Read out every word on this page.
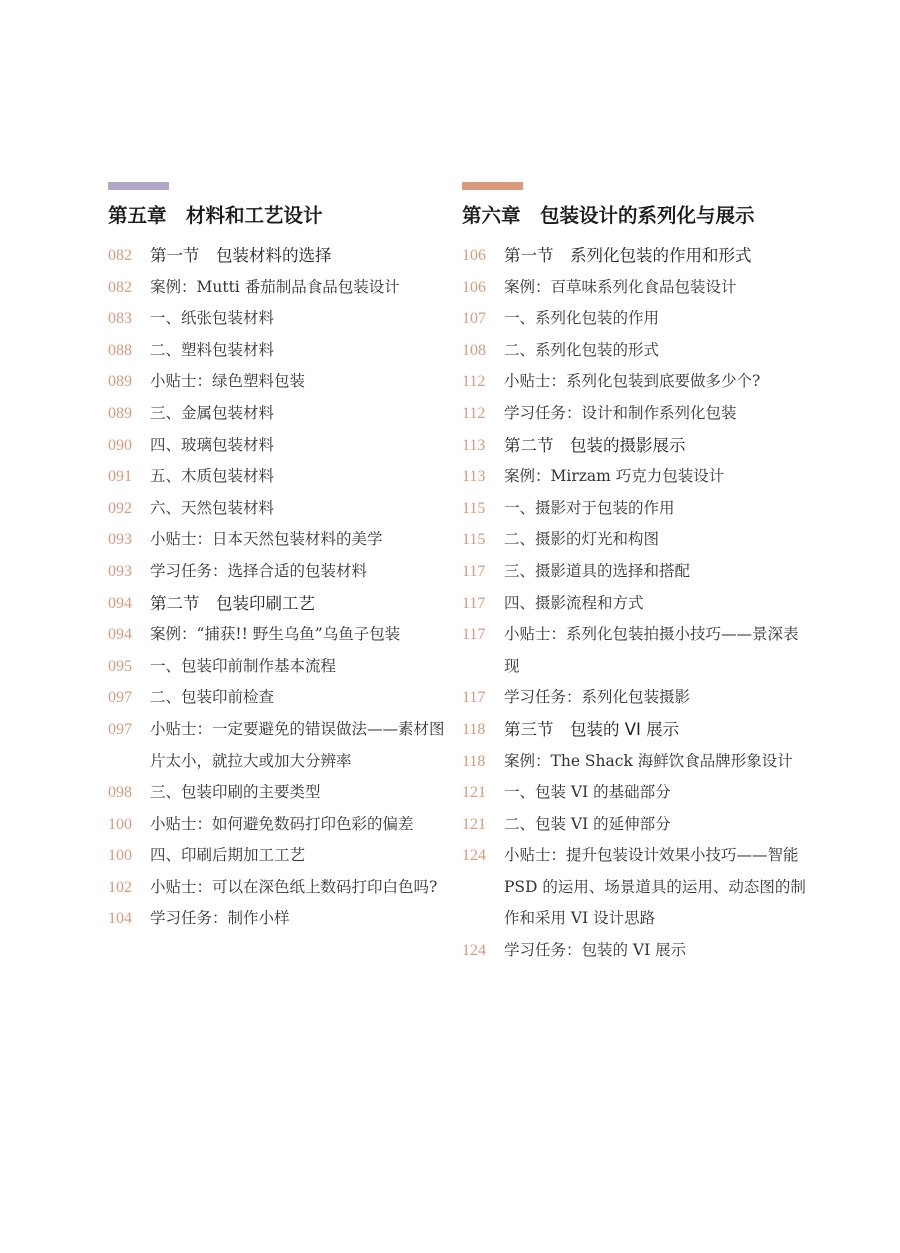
第五章　材料和工艺设计
082	第一节　包装材料的选择
082	案例：Mutti 番茄制品食品包装设计
083	一、纸张包装材料
088	二、塑料包装材料
089	小贴士：绿色塑料包装
089	三、金属包装材料
090	四、玻璃包装材料
091	五、木质包装材料
092	六、天然包装材料
093	小贴士：日本天然包装材料的美学
093	学习任务：选择合适的包装材料
094	第二节　包装印刷工艺
094	案例：“捕获!! 野生乌鱼”乌鱼子包装
095	一、包装印前制作基本流程
097	二、包装印前检查
097	小贴士：一定要避免的错误做法——素材图片太小，就拉大或加大分辨率
098	三、包装印刷的主要类型
100	小贴士：如何避免数码打印色彩的偏差
100	四、印刷后期加工工艺
102	小贴士：可以在深色纸上数码打印白色吗?
104	学习任务：制作小样
第六章　包装设计的系列化与展示
106	第一节　系列化包装的作用和形式
106	案例：百草味系列化食品包装设计
107	一、系列化包装的作用
108	二、系列化包装的形式
112	小贴士：系列化包装到底要做多少个?
112	学习任务：设计和制作系列化包装
113	第二节　包装的摄影展示
113	案例：Mirzam 巧克力包装设计
115	一、摄影对于包装的作用
115	二、摄影的灯光和构图
117	三、摄影道具的选择和搭配
117	四、摄影流程和方式
117	小贴士：系列化包装拍摄小技巧——景深表现
117	学习任务：系列化包装摄影
118	第三节　包装的 VI 展示
118	案例：The Shack 海鲜饮食品牌形象设计
121	一、包装 VI 的基础部分
121	二、包装 VI 的延伸部分
124	小贴士：提升包装设计效果小技巧——智能 PSD 的运用、场景道具的运用、动态图的制作和采用 VI 设计思路
124	学习任务：包装的 VI 展示
